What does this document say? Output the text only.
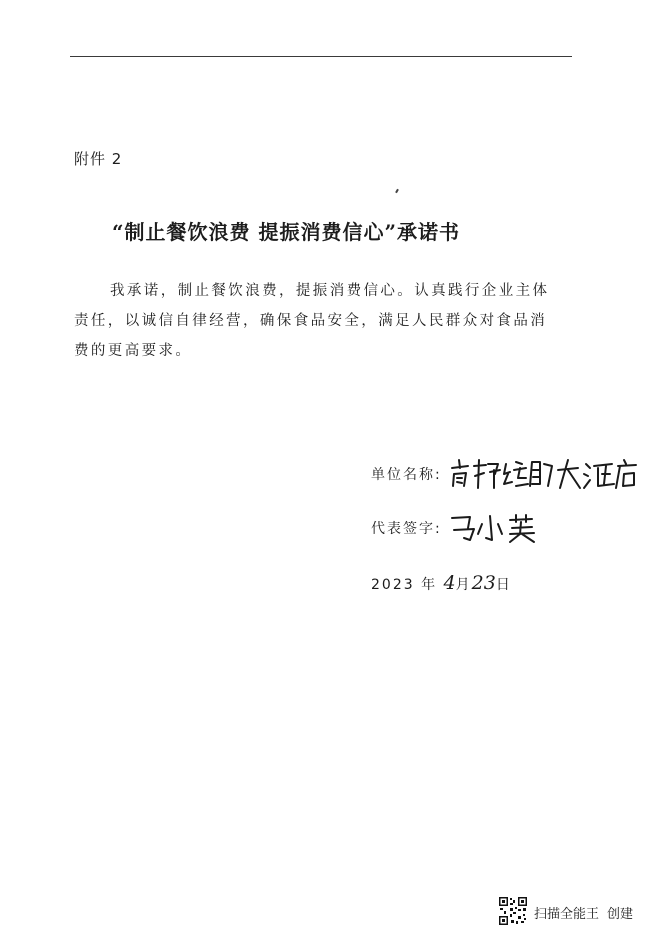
附件 2
“制止餐饮浪费 提振消费信心”承诺书

我承诺，制止餐饮浪费，提振消费信心。认真践行企业主体
责任，以诚信自律经营，确保食品安全，满足人民群众对食品消
费的更高要求。

单位名称:
代表签字:
2023 年 4月23日
扫描全能王 创建
